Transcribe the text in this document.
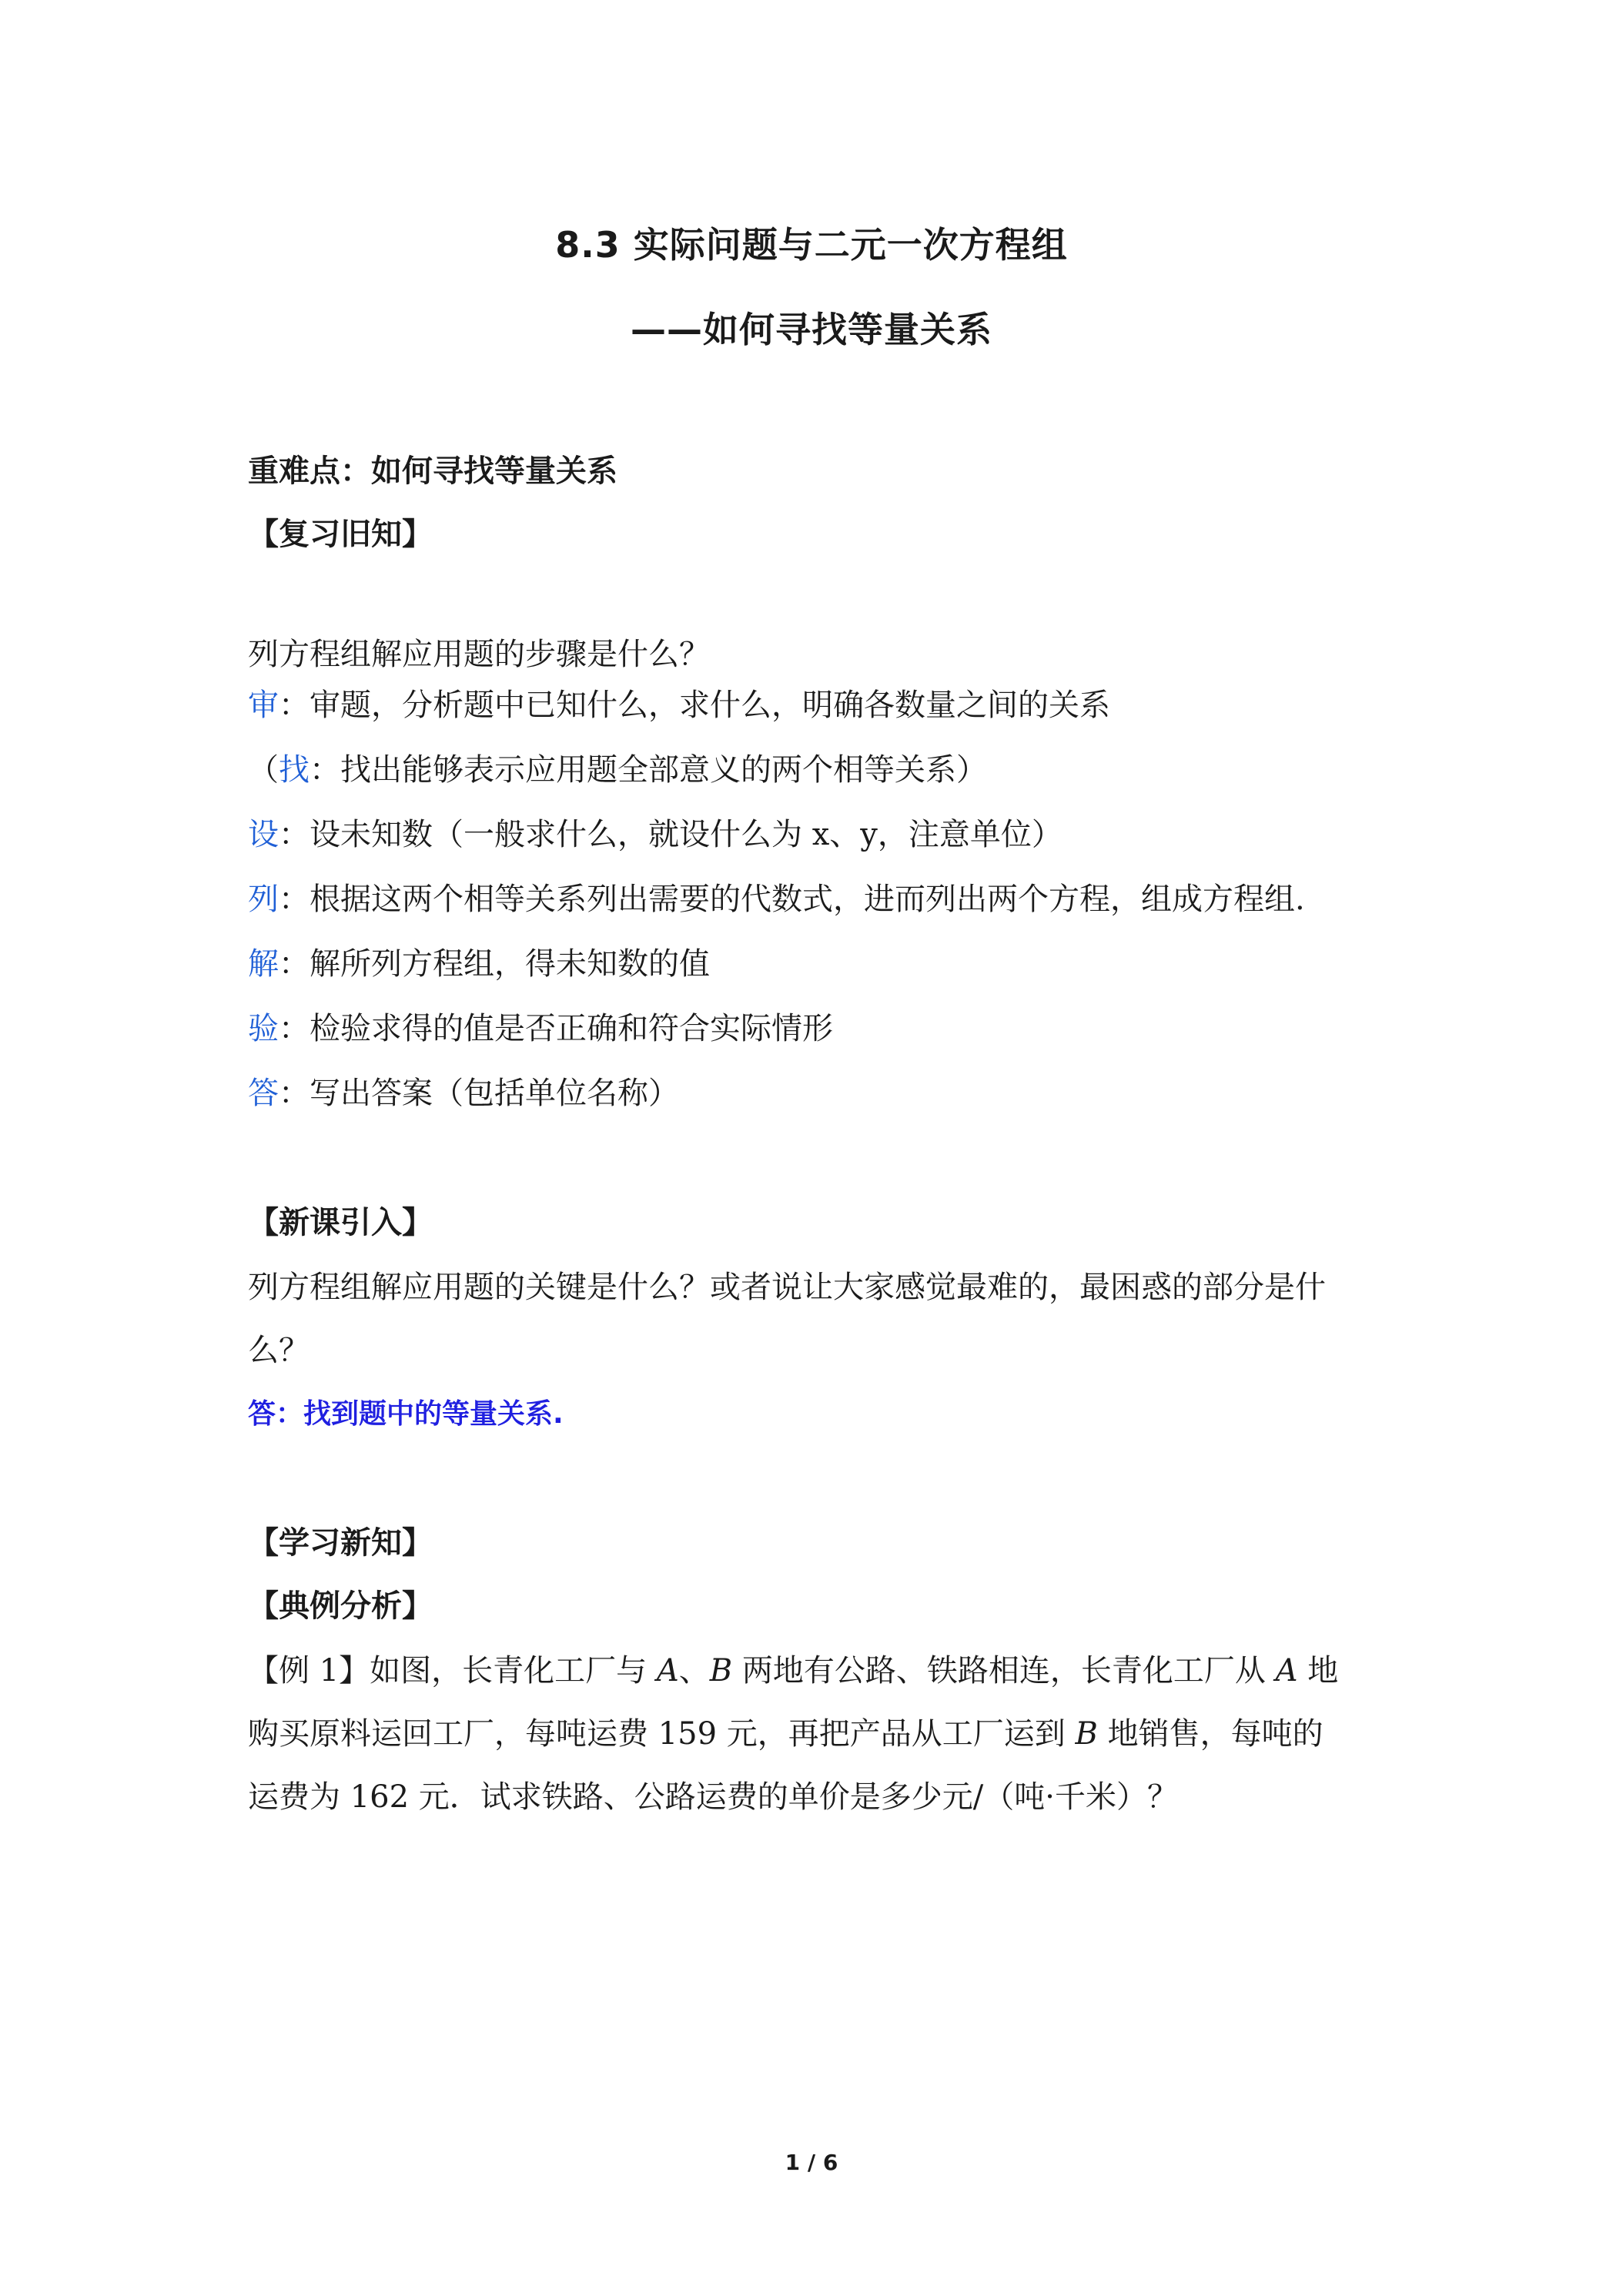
8.3 实际问题与二元一次方程组
——如何寻找等量关系
重难点：如何寻找等量关系
【复习旧知】
列方程组解应用题的步骤是什么？
审：审题，分析题中已知什么，求什么，明确各数量之间的关系
（找：找出能够表示应用题全部意义的两个相等关系）
设：设未知数（一般求什么，就设什么为 x、y，注意单位）
列：根据这两个相等关系列出需要的代数式，进而列出两个方程，组成方程组.
解：解所列方程组，得未知数的值
验：检验求得的值是否正确和符合实际情形
答：写出答案（包括单位名称）
【新课引入】
列方程组解应用题的关键是什么？或者说让大家感觉最难的，最困惑的部分是什
么？
答：找到题中的等量关系.
【学习新知】
【典例分析】
【例 1】如图，长青化工厂与 A、B 两地有公路、铁路相连，长青化工厂从 A 地
购买原料运回工厂，每吨运费 159 元，再把产品从工厂运到 B 地销售，每吨的
运费为 162 元．试求铁路、公路运费的单价是多少元/（吨·千米）？
1 / 6
